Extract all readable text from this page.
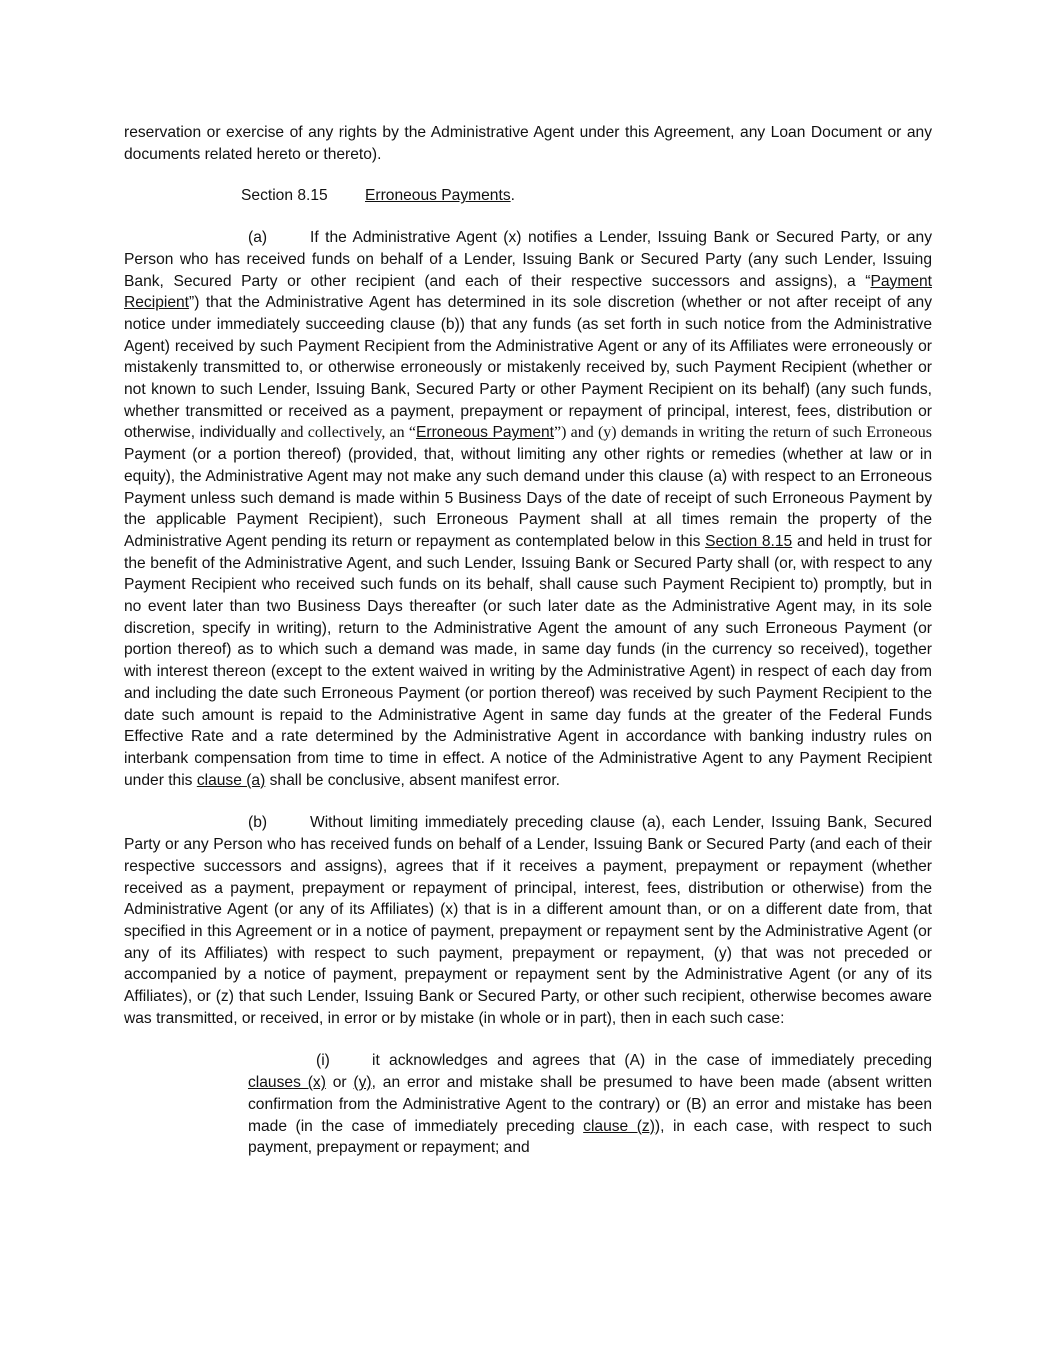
reservation or exercise of any rights by the Administrative Agent under this Agreement, any Loan Document or any documents related hereto or thereto).

Section 8.15 Erroneous Payments.

(a)	If the Administrative Agent (x) notifies a Lender, Issuing Bank or Secured Party, or any Person who has received funds on behalf of a Lender, Issuing Bank or Secured Party (any such Lender, Issuing Bank, Secured Party or other recipient (and each of their respective successors and assigns), a “Payment Recipient”) that the Administrative Agent has determined in its sole discretion (whether or not after receipt of any notice under immediately succeeding clause (b)) that any funds (as set forth in such notice from the Administrative Agent) received by such Payment Recipient from the Administrative Agent or any of its Affiliates were erroneously or mistakenly transmitted to, or otherwise erroneously or mistakenly received by, such Payment Recipient (whether or not known to such Lender, Issuing Bank, Secured Party or other Payment Recipient on its behalf) (any such funds, whether transmitted or received as a payment, prepayment or repayment of principal, interest, fees, distribution or otherwise, individually and collectively, an “Erroneous Payment”) and (y) demands in writing the return of such Erroneous Payment (or a portion thereof) (provided, that, without limiting any other rights or remedies (whether at law or in equity), the Administrative Agent may not make any such demand under this clause (a) with respect to an Erroneous Payment unless such demand is made within 5 Business Days of the date of receipt of such Erroneous Payment by the applicable Payment Recipient), such Erroneous Payment shall at all times remain the property of the Administrative Agent pending its return or repayment as contemplated below in this Section 8.15 and held in trust for the benefit of the Administrative Agent, and such Lender, Issuing Bank or Secured Party shall (or, with respect to any Payment Recipient who received such funds on its behalf, shall cause such Payment Recipient to) promptly, but in no event later than two Business Days thereafter (or such later date as the Administrative Agent may, in its sole discretion, specify in writing), return to the Administrative Agent the amount of any such Erroneous Payment (or portion thereof) as to which such a demand was made, in same day funds (in the currency so received), together with interest thereon (except to the extent waived in writing by the Administrative Agent) in respect of each day from and including the date such Erroneous Payment (or portion thereof) was received by such Payment Recipient to the date such amount is repaid to the Administrative Agent in same day funds at the greater of the Federal Funds Effective Rate and a rate determined by the Administrative Agent in accordance with banking industry rules on interbank compensation from time to time in effect. A notice of the Administrative Agent to any Payment Recipient under this clause (a) shall be conclusive, absent manifest error.

(b)	Without limiting immediately preceding clause (a), each Lender, Issuing Bank, Secured Party or any Person who has received funds on behalf of a Lender, Issuing Bank or Secured Party (and each of their respective successors and assigns), agrees that if it receives a payment, prepayment or repayment (whether received as a payment, prepayment or repayment of principal, interest, fees, distribution or otherwise) from the Administrative Agent (or any of its Affiliates) (x) that is in a different amount than, or on a different date from, that specified in this Agreement or in a notice of payment, prepayment or repayment sent by the Administrative Agent (or any of its Affiliates) with respect to such payment, prepayment or repayment, (y) that was not preceded or accompanied by a notice of payment, prepayment or repayment sent by the Administrative Agent (or any of its Affiliates), or (z) that such Lender, Issuing Bank or Secured Party, or other such recipient, otherwise becomes aware was transmitted, or received, in error or by mistake (in whole or in part), then in each such case:

(i)	it acknowledges and agrees that (A) in the case of immediately preceding clauses (x) or (y), an error and mistake shall be presumed to have been made (absent written confirmation from the Administrative Agent to the contrary) or (B) an error and mistake has been made (in the case of immediately preceding clause (z)), in each case, with respect to such payment, prepayment or repayment; and
